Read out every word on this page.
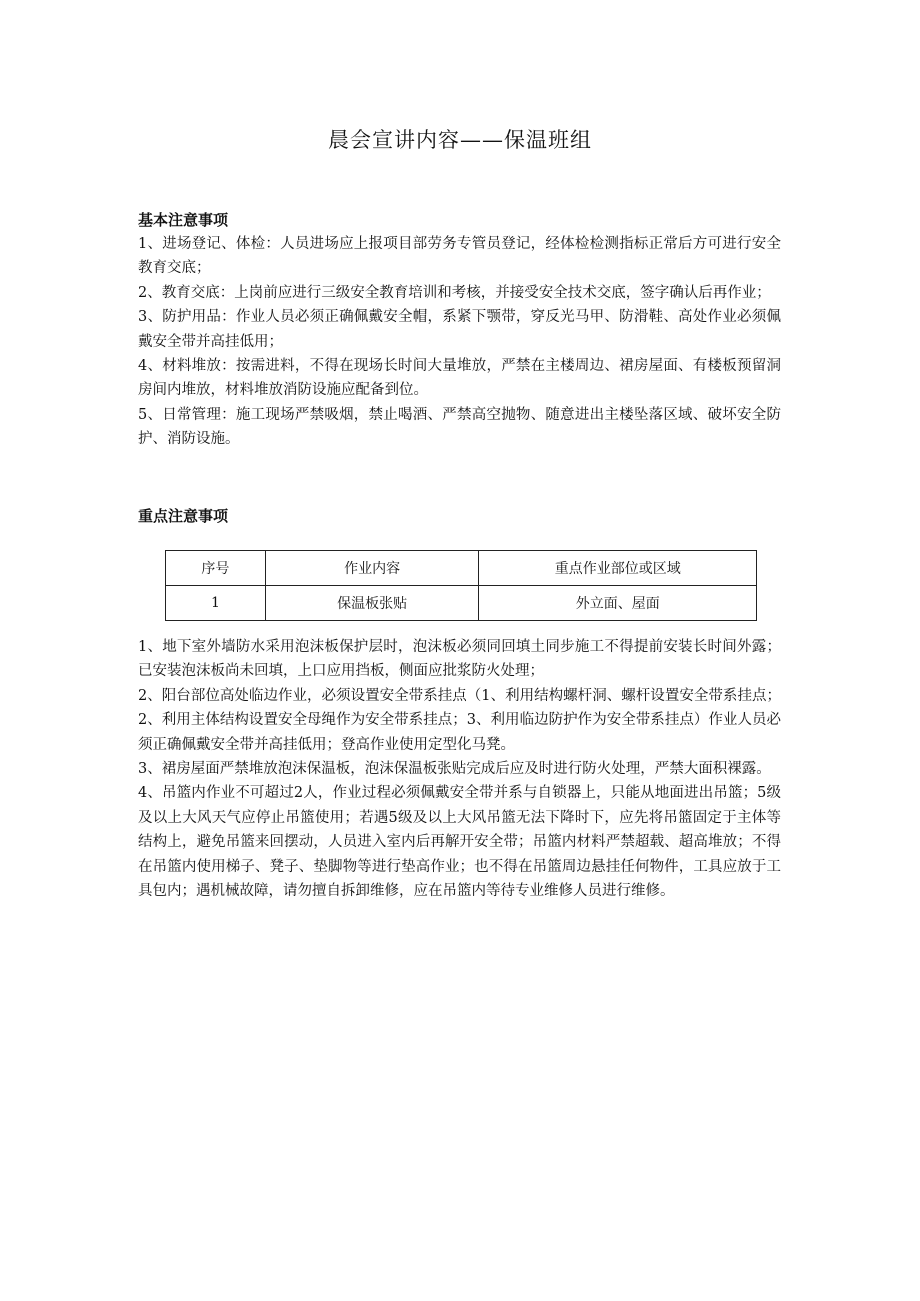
晨会宣讲内容——保温班组
基本注意事项

1、进场登记、体检：人员进场应上报项目部劳务专管员登记，经体检检测指标正常后方可进行安全教育交底；

2、教育交底：上岗前应进行三级安全教育培训和考核，并接受安全技术交底，签字确认后再作业；

3、防护用品：作业人员必须正确佩戴安全帽，系紧下颚带，穿反光马甲、防滑鞋、高处作业必须佩戴安全带并高挂低用；

4、材料堆放：按需进料，不得在现场长时间大量堆放，严禁在主楼周边、裙房屋面、有楼板预留洞房间内堆放，材料堆放消防设施应配备到位。

5、日常管理：施工现场严禁吸烟，禁止喝酒、严禁高空抛物、随意进出主楼坠落区域、破坏安全防护、消防设施。

重点注意事项
序号	作业内容	重点作业部位或区域
1	保温板张贴	外立面、屋面

1、地下室外墙防水采用泡沫板保护层时，泡沫板必须同回填土同步施工不得提前安装长时间外露；已安装泡沫板尚未回填，上口应用挡板，侧面应批浆防火处理；

2、阳台部位高处临边作业，必须设置安全带系挂点（1、利用结构螺杆洞、螺杆设置安全带系挂点；2、利用主体结构设置安全母绳作为安全带系挂点；3、利用临边防护作为安全带系挂点）作业人员必须正确佩戴安全带并高挂低用；登高作业使用定型化马凳。

3、裙房屋面严禁堆放泡沫保温板，泡沫保温板张贴完成后应及时进行防火处理，严禁大面积裸露。

4、吊篮内作业不可超过2人，作业过程必须佩戴安全带并系与自锁器上，只能从地面进出吊篮；5级及以上大风天气应停止吊篮使用；若遇5级及以上大风吊篮无法下降时下，应先将吊篮固定于主体等结构上，避免吊篮来回摆动，人员进入室内后再解开安全带；吊篮内材料严禁超载、超高堆放；不得在吊篮内使用梯子、凳子、垫脚物等进行垫高作业；也不得在吊篮周边悬挂任何物件，工具应放于工具包内；遇机械故障，请勿擅自拆卸维修，应在吊篮内等待专业维修人员进行维修。
